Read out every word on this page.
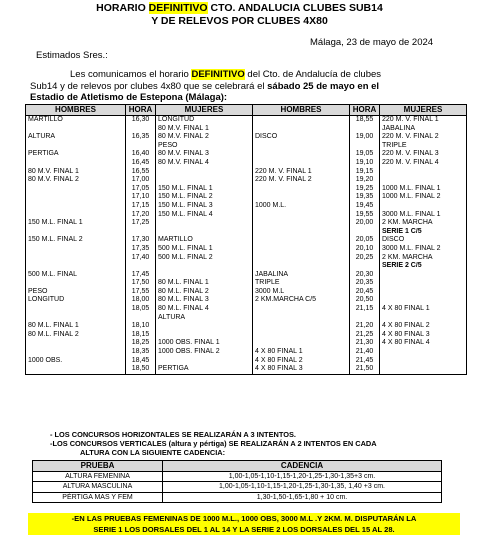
HORARIO DEFINITIVO CTO. ANDALUCIA CLUBES SUB14
Y DE RELEVOS POR CLUBES 4X80
Málaga, 23 de mayo de 2024
Estimados Sres.:
Les comunicamos el horario DEFINITIVO del Cto. de Andalucía de clubes
Sub14 y de relevos por clubes 4x80 que se celebrará el sábado 25 de mayo en el
Estadio de Atletismo de Estepona (Málaga):
HOMBRES	HORA	MUJERES	HOMBRES	HORA	MUJERES
MARTILLO	16,30	LONGITUD		18,55	220 M. V. FINAL 1
		80 M.V. FINAL 1			JABALINA
ALTURA	16,35	80 M.V. FINAL 2	DISCO	19,00	220 M. V. FINAL 2
		PESO			TRIPLE
PÉRTIGA	16,40	80 M.V. FINAL 3		19,05	220 M. V. FINAL 3
	16,45	80 M.V. FINAL 4		19,10	220 M. V. FINAL 4
80 M.V. FINAL 1	16,55		220 M. V. FINAL 1	19,15	
80 M.V. FINAL 2	17,00		220 M. V. FINAL 2	19,20	
	17,05	150 M.L. FINAL 1		19,25	1000 M.L. FINAL 1
	17,10	150 M.L. FINAL 2		19,35	1000 M.L. FINAL 2
	17,15	150 M.L. FINAL 3	1000 M.L.	19,45	
	17,20	150 M.L. FINAL 4		19,55	3000 M.L. FINAL 1
150 M.L. FINAL 1	17,25			20,00	2 KM. MARCHA
					SERIE 1 C/5
150 M.L. FINAL 2	17,30	MARTILLO		20,05	DISCO
	17,35	500 M.L. FINAL 1		20,10	3000 M.L. FINAL 2
	17,40	500 M.L. FINAL 2		20,25	2 KM. MARCHA
					SERIE 2 C/5
500 M.L. FINAL	17,45		JABALINA	20,30	
	17,50	80 M.L. FINAL 1	TRIPLE	20,35	
PESO	17,55	80 M.L. FINAL 2	3000 M.L	20,45	
LONGITUD	18,00	80 M.L. FINAL 3	2 KM.MARCHA C/5	20,50	
	18,05	80 M.L. FINAL 4		21,15	4 X 80 FINAL 1
		ALTURA			
80 M.L. FINAL 1	18,10			21,20	4 X 80 FINAL 2
80 M.L. FINAL 2	18,15			21,25	4 X 80 FINAL 3
	18,25	1000 OBS. FINAL 1		21,30	4 X 80 FINAL 4
	18,35	1000 OBS. FINAL 2	4 X 80 FINAL 1	21,40	
1000 OBS.	18,45		4 X 80 FINAL 2	21,45	
	18,50	PÉRTIGA	4 X 80 FINAL 3	21,50	
- LOS CONCURSOS HORIZONTALES SE REALIZARÁN A 3 INTENTOS.
-LOS CONCURSOS VERTICALES (altura y pértiga) SE REALIZARÁN A 2 INTENTOS EN CADA
ALTURA CON LA SIGUIENTE CADENCIA:
PRUEBA	CADENCIA
ALTURA FEMENINA	1,00-1,05-1,10-1,15-1,20-1,25-1,30-1,35+3 cm.
ALTURA MASCULINA	1,00-1,05-1,10-1,15-1,20-1,25-1,30-1,35, 1,40 +3 cm.
PÉRTIGA MAS Y FEM	1,30-1,50-1,65-1,80 + 10 cm.
-EN LAS PRUEBAS FEMENINAS DE 1000 M.L., 1000 OBS, 3000 M.L .Y 2KM. M. DISPUTARÁN LA
SERIE 1 LOS DORSALES DEL 1 AL 14 Y LA SERIE 2 LOS DORSALES DEL 15 AL 28.
